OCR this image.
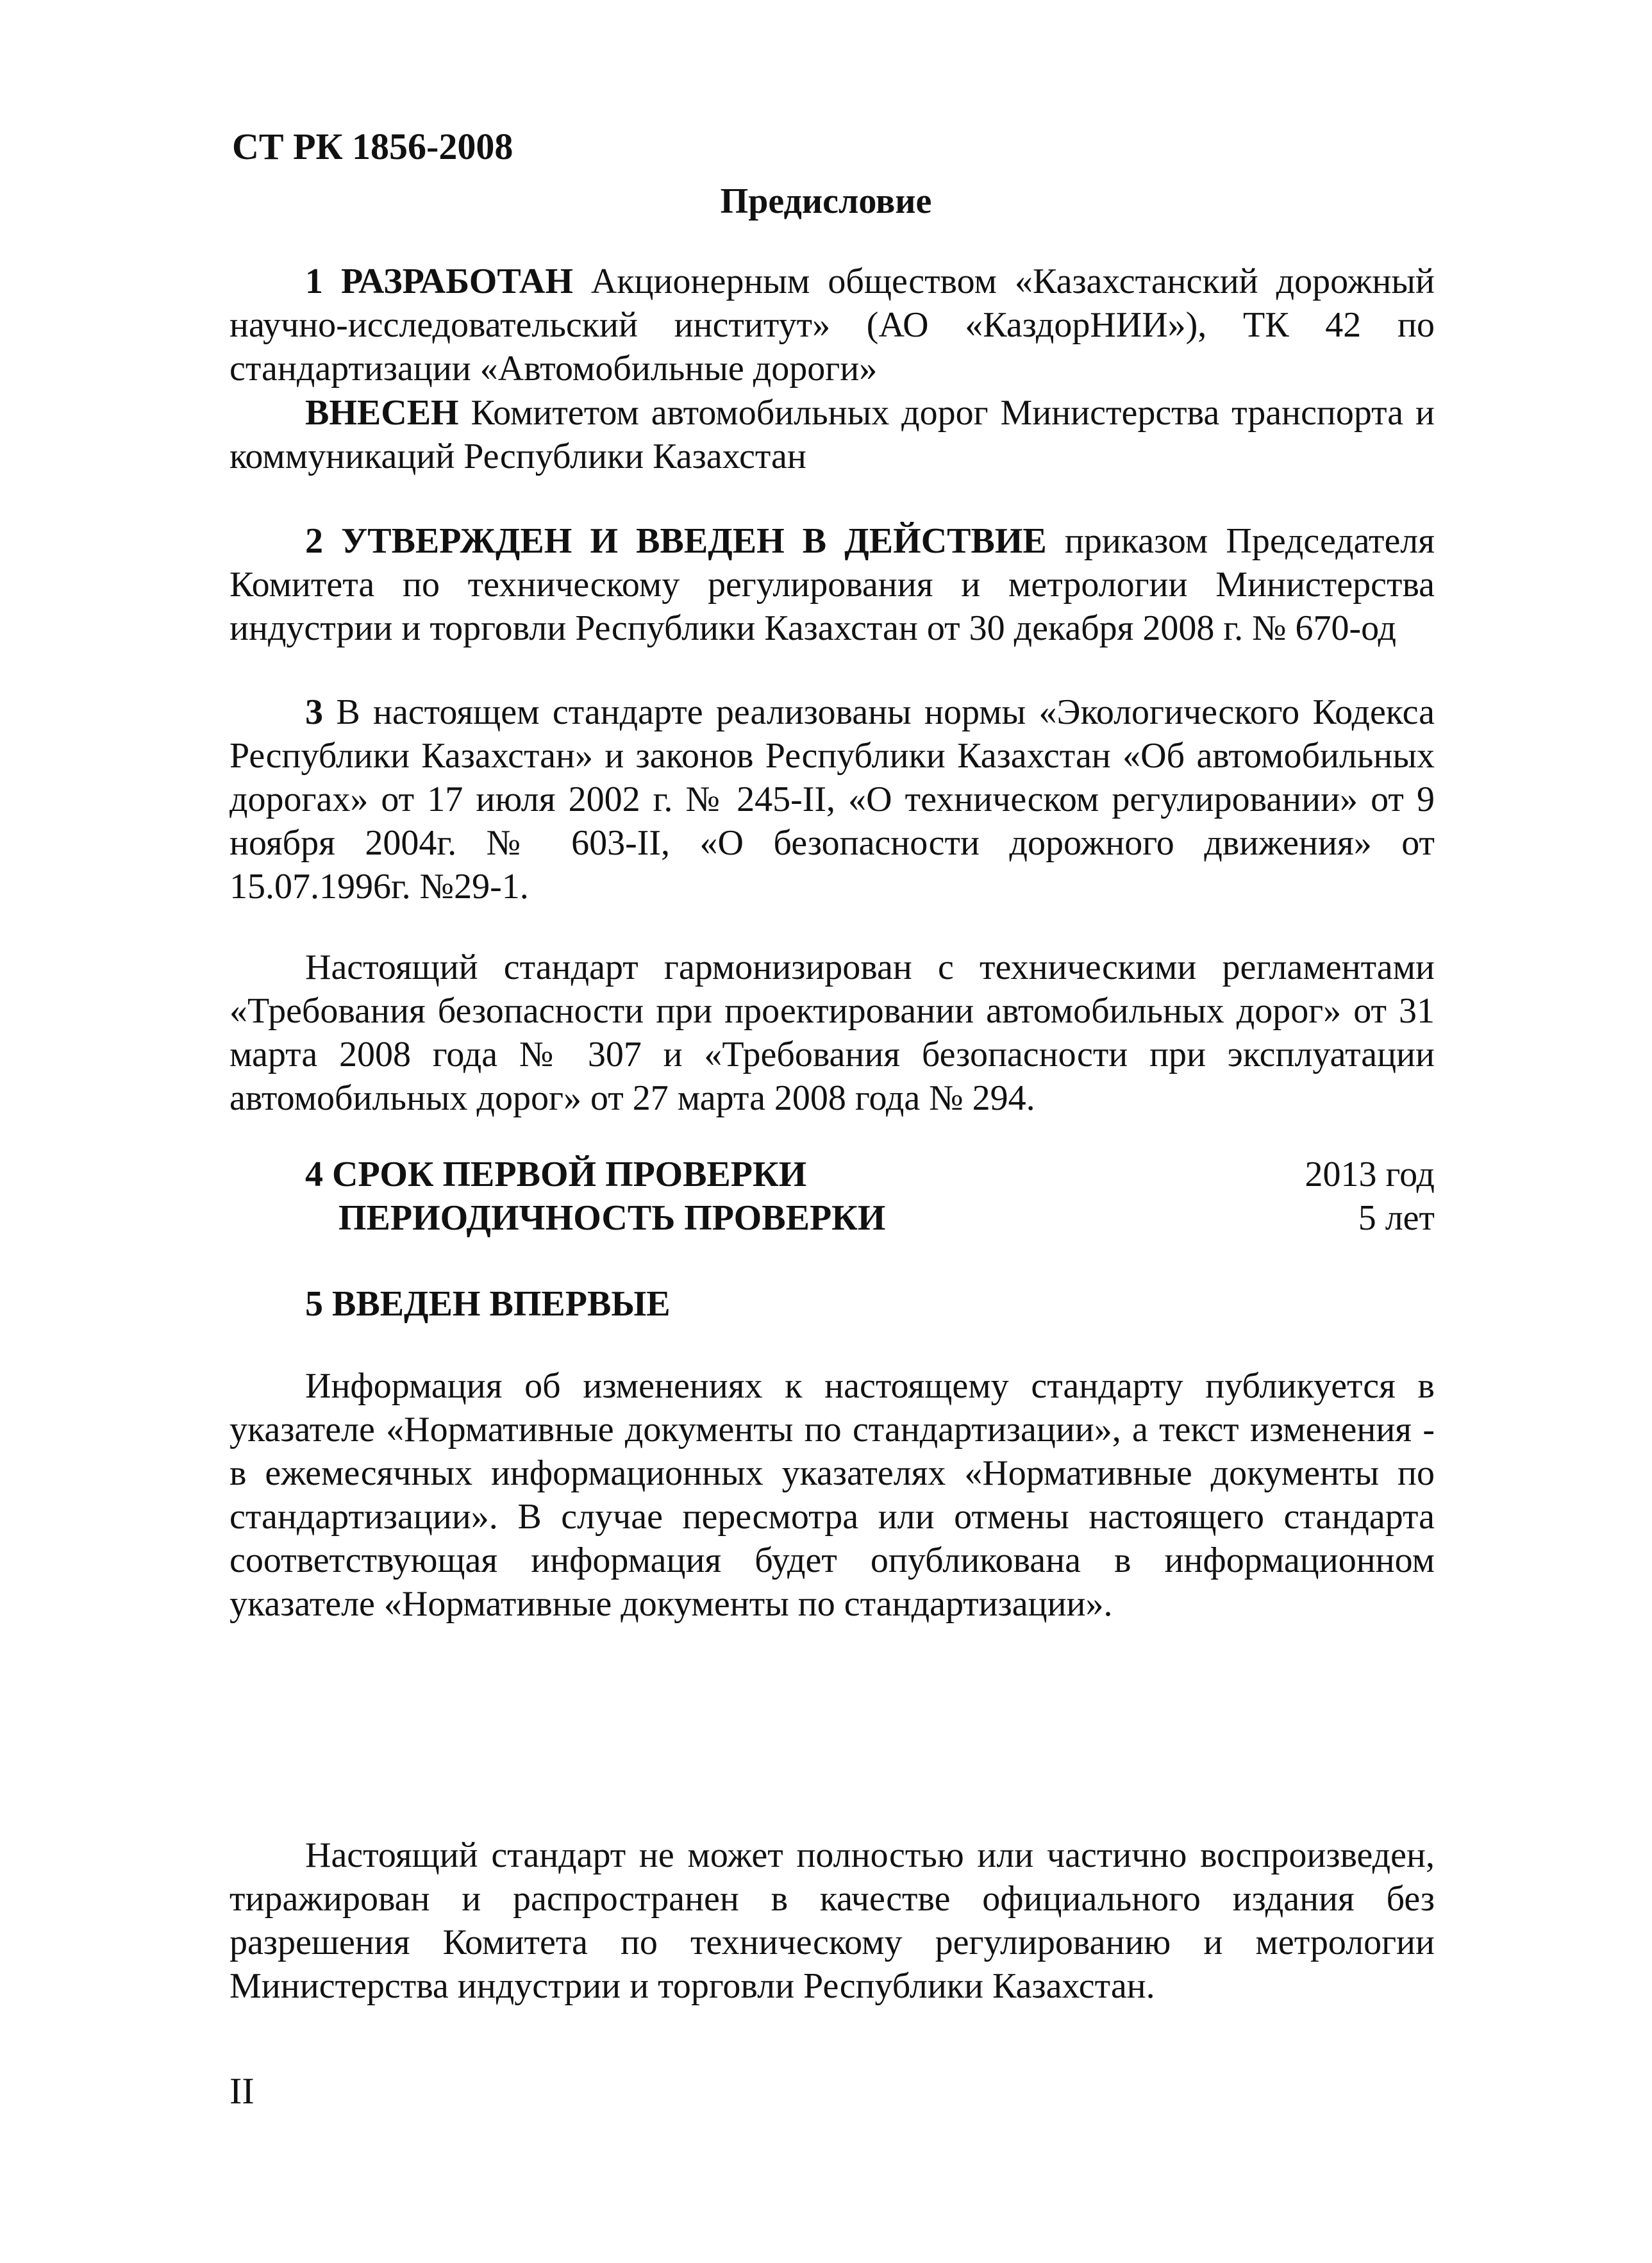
СТ РК 1856-2008
Предисловие
1 РАЗРАБОТАН Акционерным обществом «Казахстанский дорожный научно-исследовательский институт» (АО «КаздорНИИ»), ТК 42 по стандартизации «Автомобильные дороги»
ВНЕСЕН Комитетом автомобильных дорог Министерства транспорта и коммуникаций Республики Казахстан
2 УТВЕРЖДЕН И ВВЕДЕН В ДЕЙСТВИЕ приказом Председателя Комитета по техническому регулирования и метрологии Министерства индустрии и торговли Республики Казахстан от 30 декабря 2008 г. № 670-од
3 В настоящем стандарте реализованы нормы «Экологического Кодекса Республики Казахстан» и законов Республики Казахстан «Об автомобильных дорогах» от 17 июля 2002 г. № 245-II, «О техническом регулировании» от 9 ноября 2004г. № 603-II, «О безопасности дорожного движения» от 15.07.1996г. №29-1.
Настоящий стандарт гармонизирован с техническими регламентами «Требования безопасности при проектировании автомобильных дорог» от 31 марта 2008 года № 307 и «Требования безопасности при эксплуатации автомобильных дорог» от 27 марта 2008 года № 294.
4 СРОК ПЕРВОЙ ПРОВЕРКИ	2013 год
ПЕРИОДИЧНОСТЬ ПРОВЕРКИ	5 лет
5 ВВЕДЕН ВПЕРВЫЕ
Информация об изменениях к настоящему стандарту публикуется в указателе «Нормативные документы по стандартизации», а текст изменения - в ежемесячных информационных указателях «Нормативные документы по стандартизации». В случае пересмотра или отмены настоящего стандарта соответствующая информация будет опубликована в информационном указателе «Нормативные документы по стандартизации».
Настоящий стандарт не может полностью или частично воспроизведен, тиражирован и распространен в качестве официального издания без разрешения Комитета по техническому регулированию и метрологии Министерства индустрии и торговли Республики Казахстан.
II
